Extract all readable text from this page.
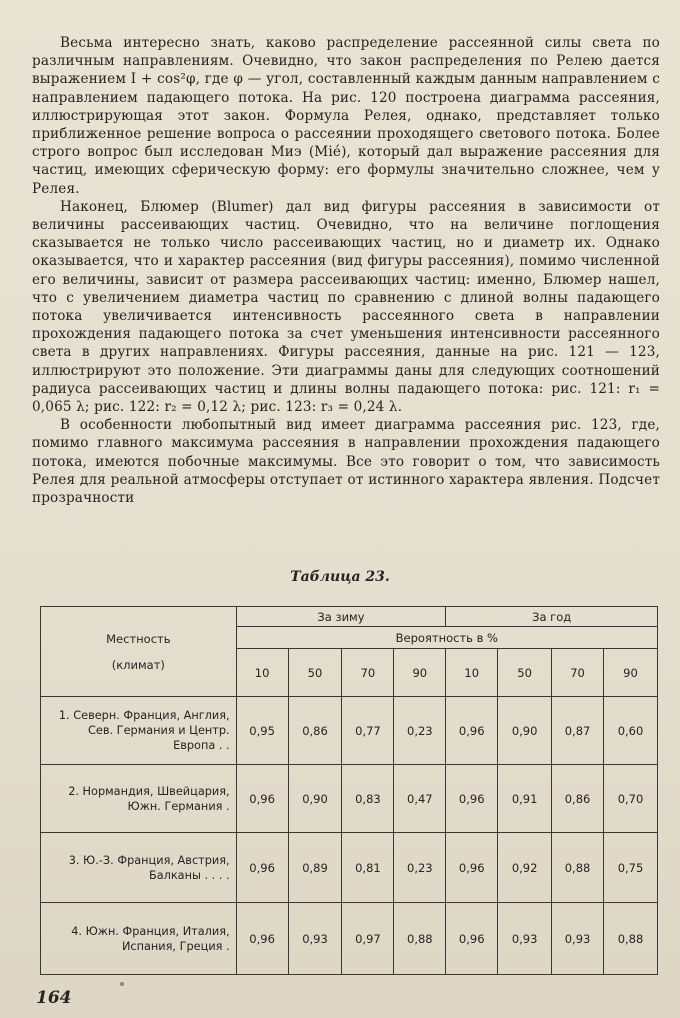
Весьма интересно знать, каково распределение рассеянной силы света по различным направлениям. Очевидно, что закон распределения по Релею дается выражением I + cos²φ, где φ — угол, составленный каждым данным направлением с направлением падающего потока. На рис. 120 построена диаграмма рассеяния, иллюстрирующая этот закон. Формула Релея, однако, представляет только приближенное решение вопроса о рассеянии проходящего светового потока. Более строго вопрос был исследован Миэ (Mié), который дал выражение рассеяния для частиц, имеющих сферическую форму: его формулы значительно сложнее, чем у Релея.

Наконец, Блюмер (Blumer) дал вид фигуры рассеяния в зависимости от величины рассеивающих частиц. Очевидно, что на величине поглощения сказывается не только число рассеивающих частиц, но и диаметр их. Однако оказывается, что и характер рассеяния (вид фигуры рассеяния), помимо численной его величины, зависит от размера рассеивающих частиц: именно, Блюмер нашел, что с увеличением диаметра частиц по сравнению с длиной волны падающего потока увеличивается интенсивность рассеянного света в направлении прохождения падающего потока за счет уменьшения интенсивности рассеянного света в других направлениях. Фигуры рассеяния, данные на рис. 121 — 123, иллюстрируют это положение. Эти диаграммы даны для следующих соотношений радиуса рассеивающих частиц и длины волны падающего потока: рис. 121: r₁ = 0,065 λ; рис. 122: r₂ = 0,12 λ; рис. 123: r₃ = 0,24 λ.

В особенности любопытный вид имеет диаграмма рассеяния рис. 123, где, помимо главного максимума рассеяния в направлении прохождения падающего потока, имеются побочные максимумы. Все это говорит о том, что зависимость Релея для реальной атмосферы отступает от истинного характера явления. Подсчет прозрачности

Таблица 23.
Местность
(климат)	За зиму				За год			
	Вероятность в %							
	10	50	70	90	10	50	70	90
1. Северн. Франция, Англия, Сев. Германия и Центр. Европа . .	0,95	0,86	0,77	0,23	0,96	0,90	0,87	0,60
2. Нормандия, Швейцария, Южн. Германия .	0,96	0,90	0,83	0,47	0,96	0,91	0,86	0,70
3. Ю.-З. Франция, Австрия, Балканы . . . .	0,96	0,89	0,81	0,23	0,96	0,92	0,88	0,75
4. Южн. Франция, Италия, Испания, Греция .	0,96	0,93	0,97	0,88	0,96	0,93	0,93	0,88
164
